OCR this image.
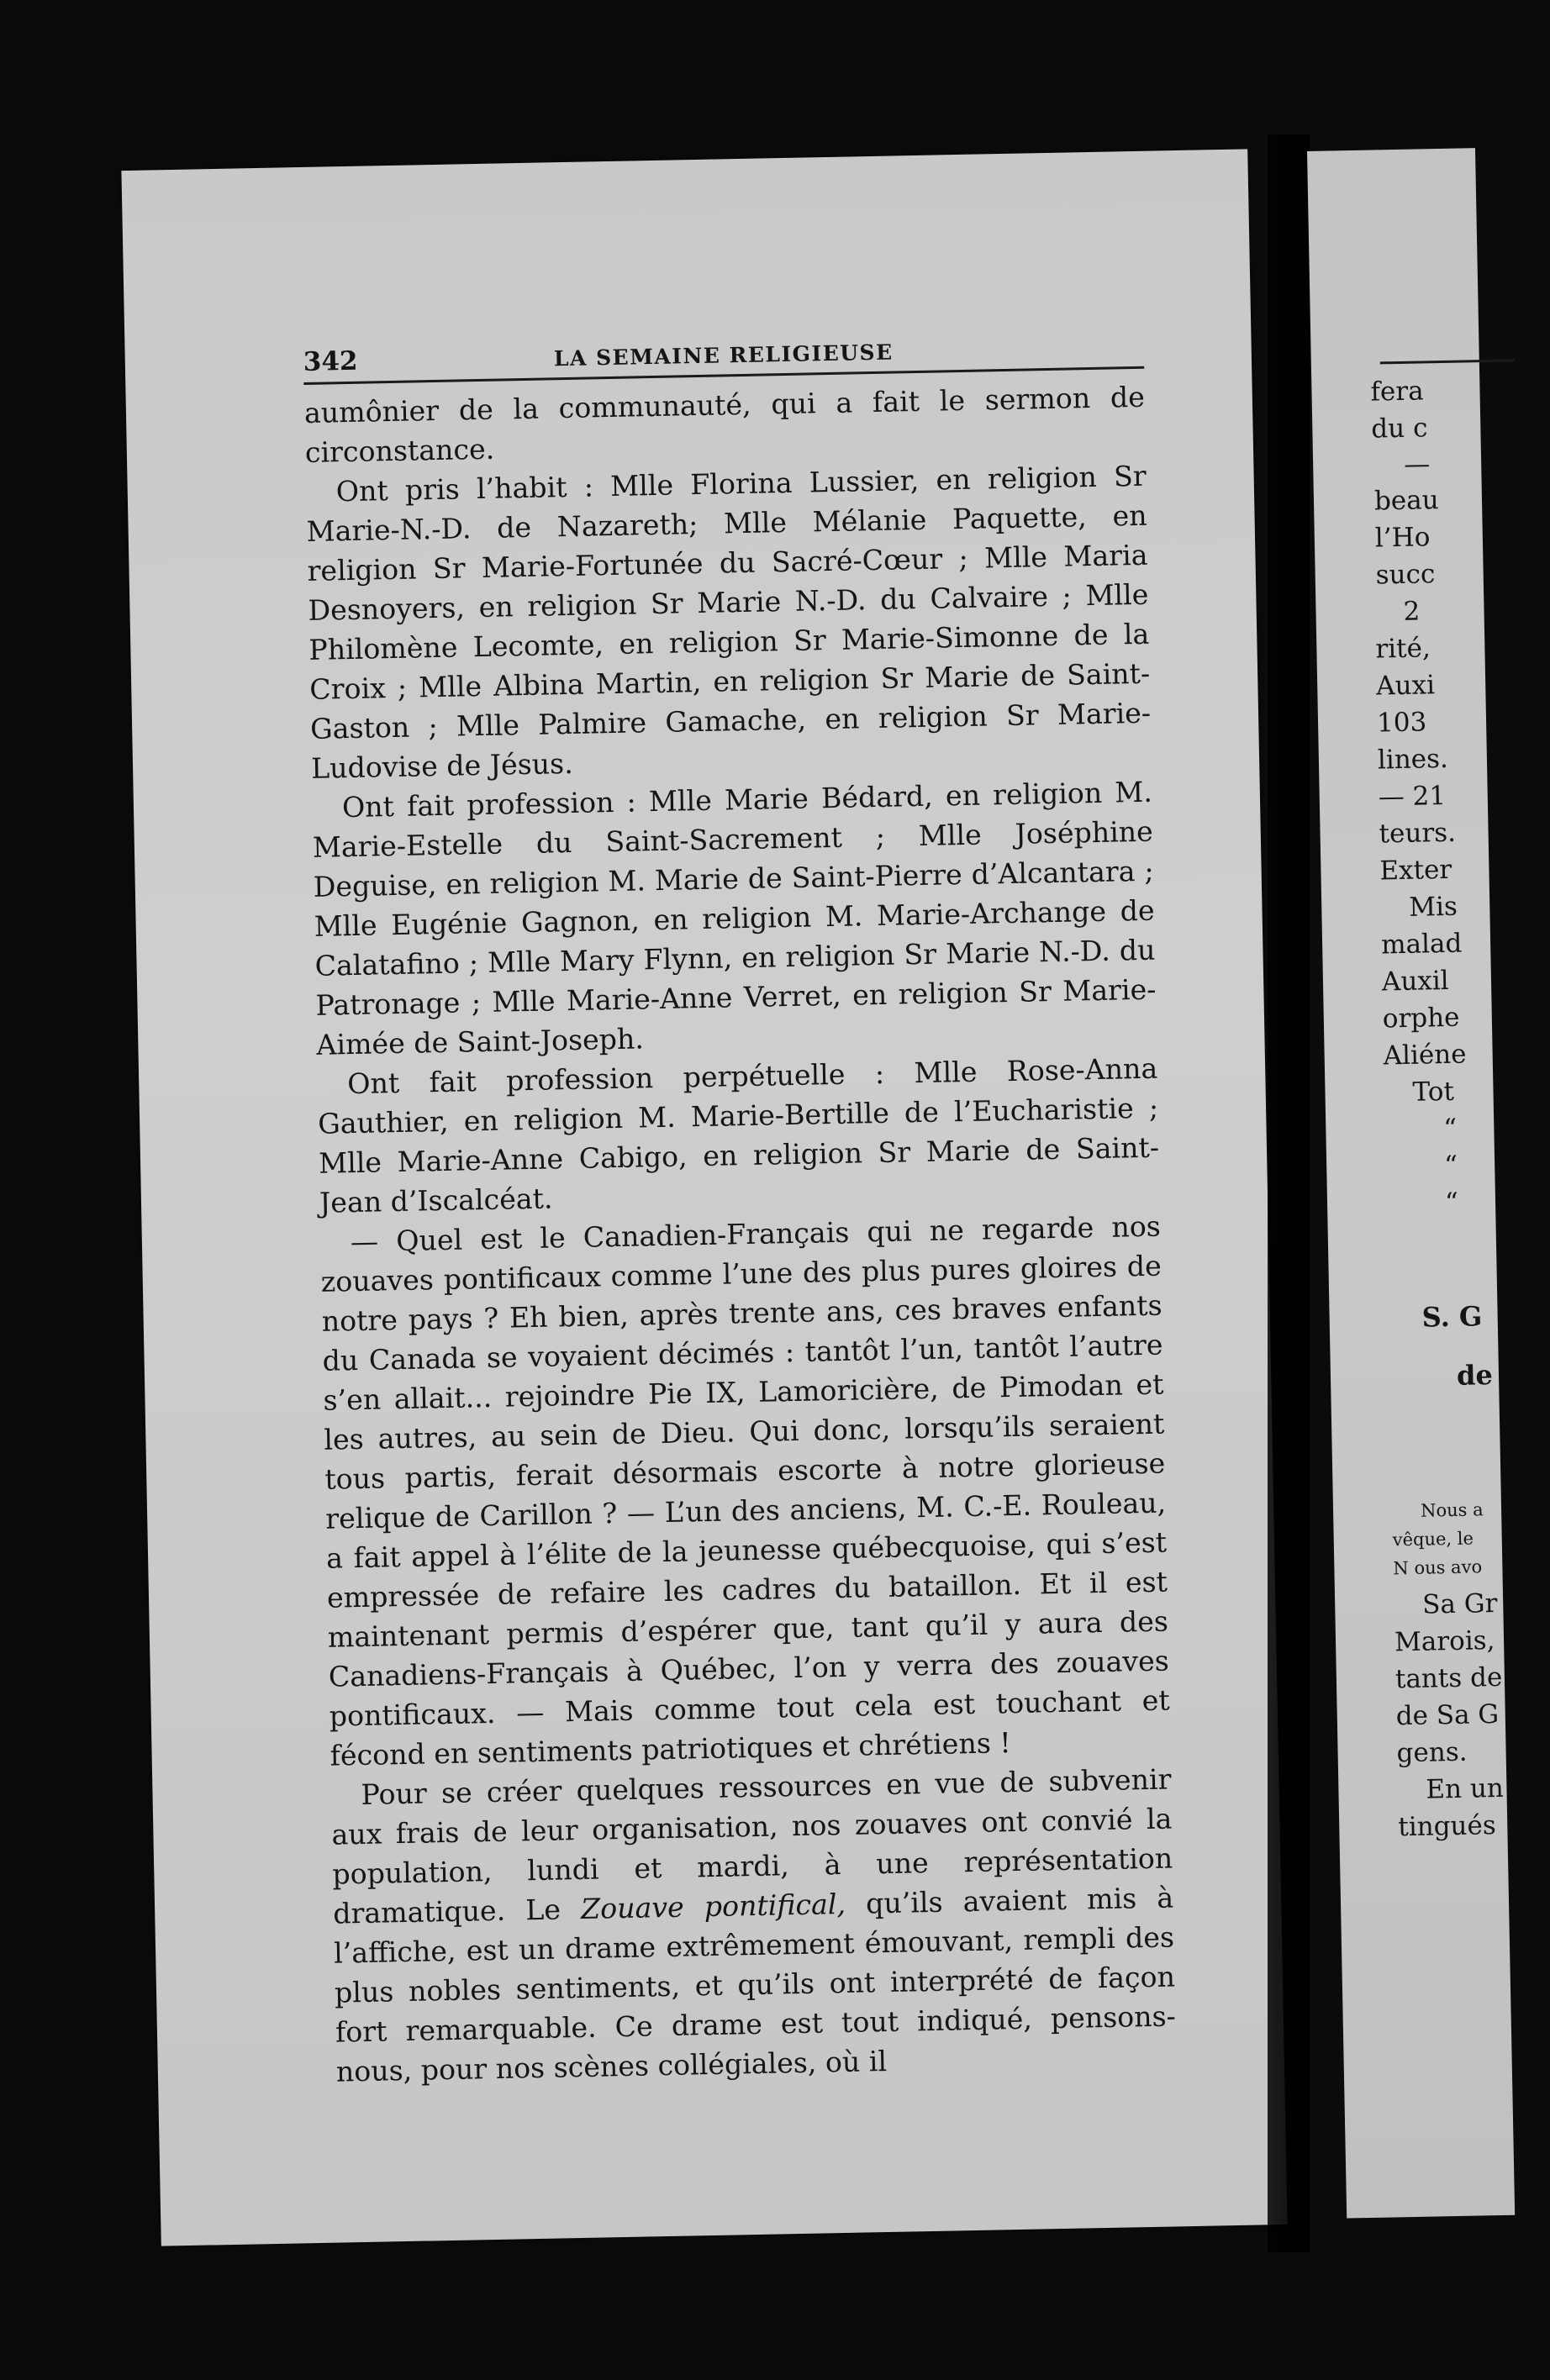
342	LA SEMAINE RELIGIEUSE

aumônier de la communauté, qui a fait le sermon de circonstance.

Ont pris l’habit : Mlle Florina Lussier, en religion Sr Marie-N.-D. de Nazareth; Mlle Mélanie Paquette, en religion Sr Marie-Fortunée du Sacré-Cœur ; Mlle Maria Desnoyers, en religion Sr Marie N.-D. du Calvaire ; Mlle Philomène Lecomte, en religion Sr Marie-Simonne de la Croix ; Mlle Albina Martin, en religion Sr Marie de Saint-Gaston ; Mlle Palmire Gamache, en religion Sr Marie-Ludovise de Jésus.

Ont fait profession : Mlle Marie Bédard, en religion M. Marie-Estelle du Saint-Sacrement ; Mlle Joséphine Deguise, en religion M. Marie de Saint-Pierre d’Alcantara ; Mlle Eugénie Gagnon, en religion M. Marie-Archange de Calatafino ; Mlle Mary Flynn, en religion Sr Marie N.-D. du Patronage ; Mlle Marie-Anne Verret, en religion Sr Marie-Aimée de Saint-Joseph.

Ont fait profession perpétuelle : Mlle Rose-Anna Gauthier, en religion M. Marie-Bertille de l’Eucharistie ; Mlle Marie-Anne Cabigo, en religion Sr Marie de Saint-Jean d’Iscalcéat.

— Quel est le Canadien-Français qui ne regarde nos zouaves pontificaux comme l’une des plus pures gloires de notre pays ? Eh bien, après trente ans, ces braves enfants du Canada se voyaient décimés : tantôt l’un, tantôt l’autre s’en allait... rejoindre Pie IX, Lamoricière, de Pimodan et les autres, au sein de Dieu. Qui donc, lorsqu’ils seraient tous partis, ferait désormais escorte à notre glorieuse relique de Carillon ? — L’un des anciens, M. C.-E. Rouleau, a fait appel à l’élite de la jeunesse québecquoise, qui s’est empressée de refaire les cadres du bataillon. Et il est maintenant permis d’espérer que, tant qu’il y aura des Canadiens-Français à Québec, l’on y verra des zouaves pontificaux. — Mais comme tout cela est touchant et fécond en sentiments patriotiques et chrétiens !

Pour se créer quelques ressources en vue de subvenir aux frais de leur organisation, nos zouaves ont convié la population, lundi et mardi, à une représentation dramatique. Le Zouave pontifical, qu’ils avaient mis à l’affiche, est un drame extrêmement émouvant, rempli des plus nobles sentiments, et qu’ils ont interprété de façon fort remarquable. Ce drame est tout indiqué, pensons-nous, pour nos scènes collégiales, où il

fera
du c
—
beau
l’Ho
succ
2
rité,
Auxi
103
lines.
— 21
teurs.
Exter
Mis
malad
Auxil
orphe
Aliéne
Tot
“
“
“
S. G
de
Nous a
vêque, le
N ous avo
Sa Gr
Marois,
tants de
de Sa G
gens.
En un
tingués
